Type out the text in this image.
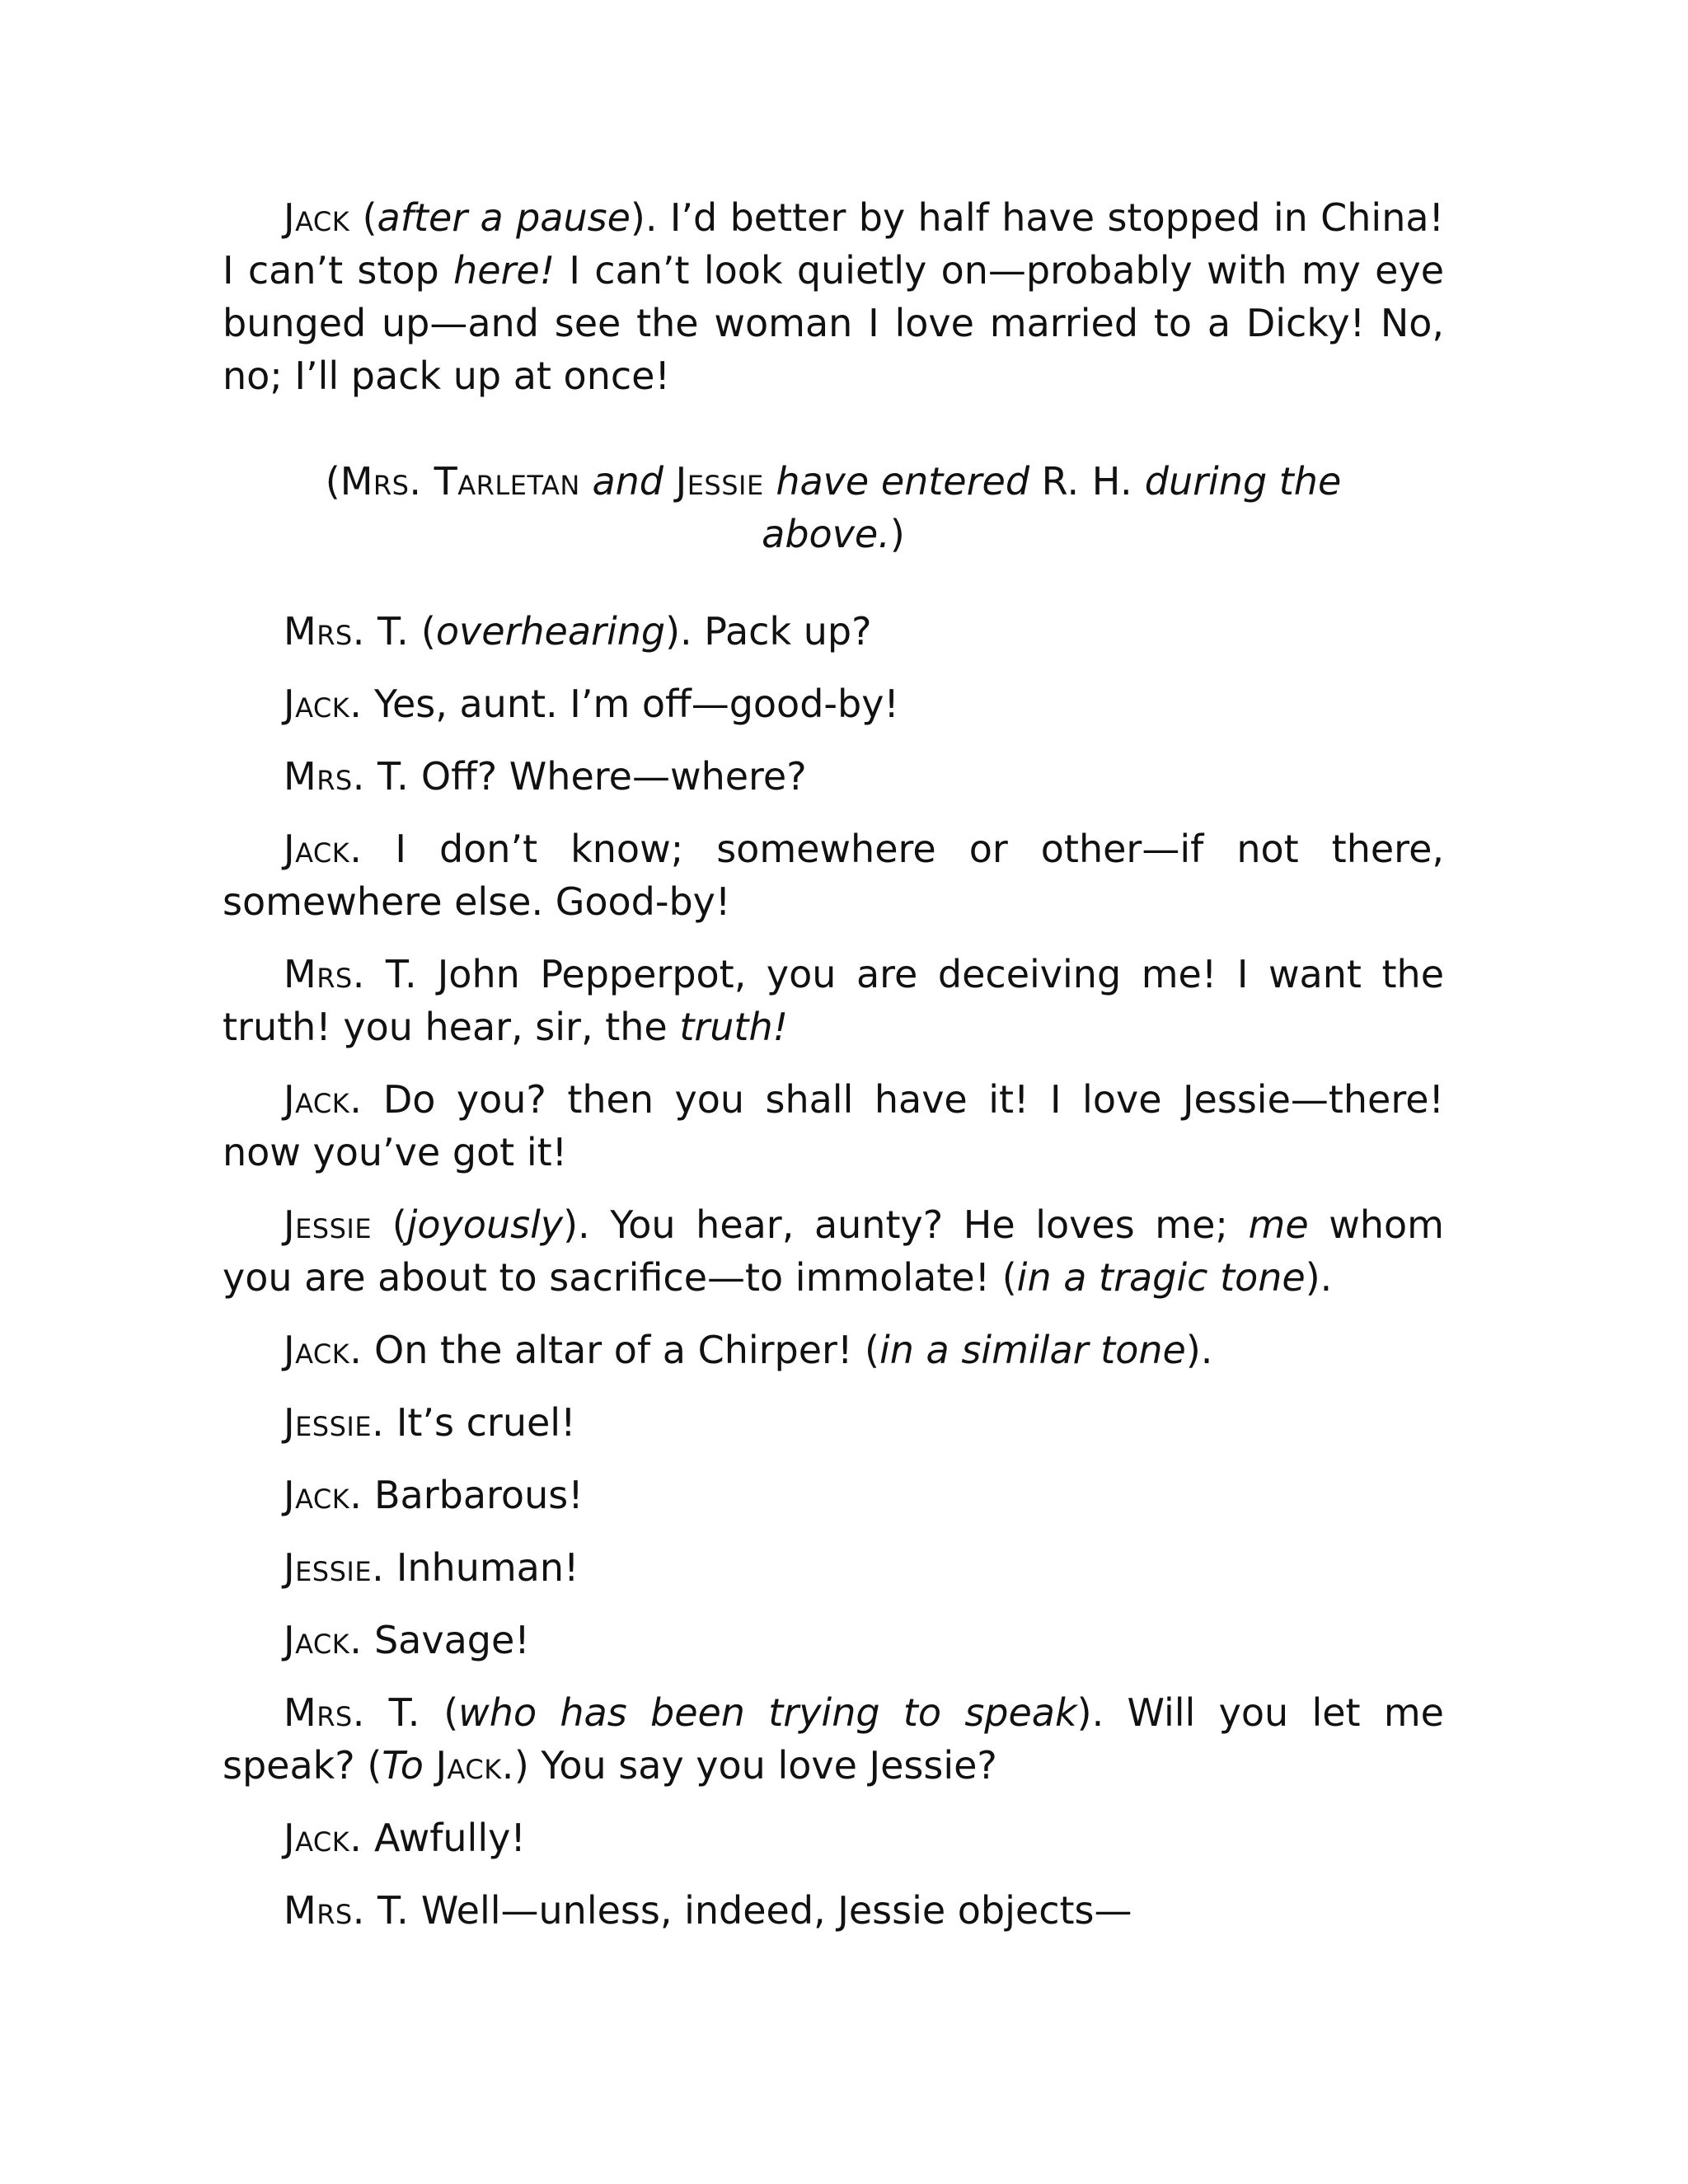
Jack (after a pause). I’d better by half have stopped in China! I can’t stop here! I can’t look quietly on—probably with my eye bunged up—and see the woman I love married to a Dicky! No, no; I’ll pack up at once!

(Mrs. Tarletan and Jessie have entered R. H. during the above.)

Mrs. T. (overhearing). Pack up?

Jack. Yes, aunt. I’m off—good-by!

Mrs. T. Off? Where—where?

Jack. I don’t know; somewhere or other—if not there, somewhere else. Good-by!

Mrs. T. John Pepperpot, you are deceiving me! I want the truth! you hear, sir, the truth!

Jack. Do you? then you shall have it! I love Jessie—there! now you’ve got it!

Jessie (joyously). You hear, aunty? He loves me; me whom you are about to sacrifice—to immolate! (in a tragic tone).

Jack. On the altar of a Chirper! (in a similar tone).

Jessie. It’s cruel!

Jack. Barbarous!

Jessie. Inhuman!

Jack. Savage!

Mrs. T. (who has been trying to speak). Will you let me speak? (To Jack.) You say you love Jessie?

Jack. Awfully!

Mrs. T. Well—unless, indeed, Jessie objects—
